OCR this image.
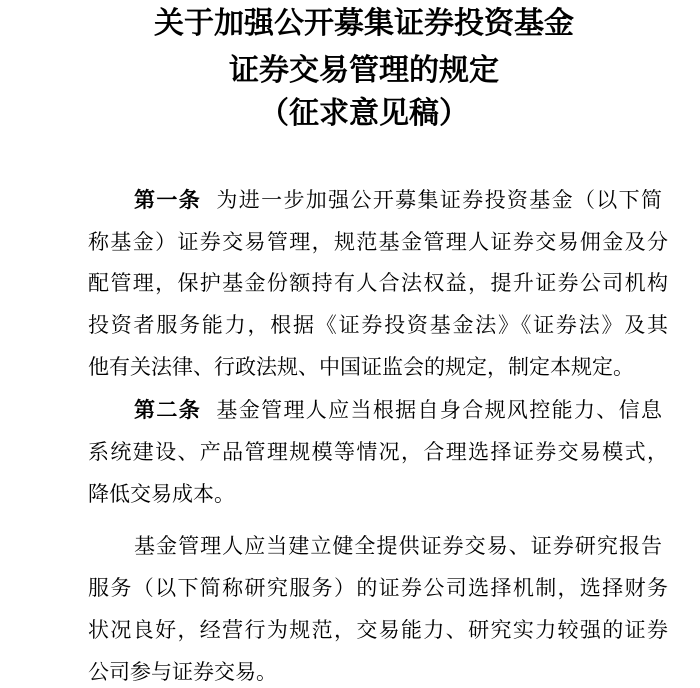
关于加强公开募集证券投资基金
证券交易管理的规定
（征求意见稿）
第一条 为进一步加强公开募集证券投资基金（以下简
称基金）证券交易管理，规范基金管理人证券交易佣金及分
配管理，保护基金份额持有人合法权益，提升证券公司机构
投资者服务能力，根据《证券投资基金法》《证券法》及其
他有关法律、行政法规、中国证监会的规定，制定本规定。
第二条 基金管理人应当根据自身合规风控能力、信息
系统建设、产品管理规模等情况，合理选择证券交易模式，
降低交易成本。
基金管理人应当建立健全提供证券交易、证券研究报告
服务（以下简称研究服务）的证券公司选择机制，选择财务
状况良好，经营行为规范，交易能力、研究实力较强的证券
公司参与证券交易。
